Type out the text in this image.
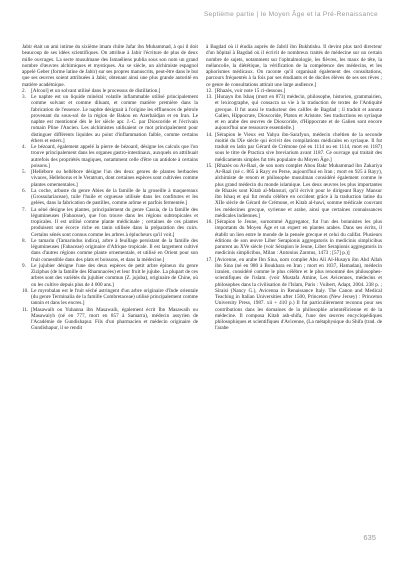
Septième partie | le Moyen Âge et la Pré-Renaissance

Jabir était un ami intime du sixième imam chiite Jafar ibn Muhammad, à qui il doit beaucoup de ses idées scientifiques. On attribue à Jabir l'écriture de plus de deux mille ouvrages. La secte musulmane des Ismaéliens publia sous son nom un grand nombre d'œuvres alchimiques et mystiques. Au xe siècle, un alchimiste espagnol appelé Geber (forme latine de Jabir) sur ses propres manuscrits, peut-être dans le but que ses œuvres soient attribuées à Jabir, obtenant ainsi une plus grande autorité en matière académique.

2. [Alcool] et un solvant utilisé dans le processus de distillation.]
3. Le naphte est un liquide minéral volatile inflammable utilisé principalement comme solvant et comme diluant, et comme matière première dans la fabrication de l'essence. Le naphte désignait à l'origine les effluences de pétrole provenant du sous-sol de la région de Bakou en Azerbaïdjan et en Iran. Le naphte est mentionné dès le Ier siècle apr. J.-C. par Dioscoride et l'écrivain romain Pline l'Ancien. Les alchimistes utilisaient ce mot principalement pour distinguer différents liquides au point d'inflammation faible, comme certains éthers et esters.]
4. Le bézoard, également appelé la pierre de bézoard, désigne les calculs que l'on trouve principalement dans les organes gastro-intestinaux, auxquels on attribuait autrefois des propriétés magiques, notamment celle d'être un antidote à certains poisons.]
5. [Hellébore ou hellébore désigne l'un des deux genres de plantes herbacées vivaces, Helleborus et le Veratrum, dont certaines espèces sont cultivées comme plantes ornementales.]
6. La coche, arbuste du genre Abies de la famille de la groseille à maquereaux (Grossulariaceae), tuile l'huile et orgueuse utilisée dans les confitures et les gelées, dans la fabrication de pastilles, comme arôme et parfois fermentée.]
7. La séné désigne les plantes, principalement du genre Cassia, de la famille des légumineuses (Fabaceae), que l'on trouve dans les régions subtropicales et tropicales. Il est utilisé comme plante médicinale ; certaines de ces plantes produisent une écorce riche en tanin utilisée dans la préparation des cuirs. Certains sénés sont connus comme les arbres à éplucheurs qu'il voit.]
8. Le tamarin (Tamarindus indica), arbre à feuillage persistant de la famille des légumineuses (Fabaceae) originaire d'Afrique tropicale. Il est largement cultivé dans d'autres régions comme plante ornementale, et utilisé en Orient pour son fruit comestible dans des plats et boissons, et dans la médecine.]
9. Le jujubier désigne l'une des deux espèces de petit arbre épineux du genre Ziziphus (de la famille des Rhamnacées) et leur fruit le jujube. La plupart de ces arbres sont des variétés du jujubier commun (Z. jujuba), originaire de Chine, où on les cultive depuis plus de 4 000 ans.]
10. Le myrobalan est le fruit séché astringent d'un arbre originaire d'Inde orientale (du genre Terminalia de la famille Combretaceae) utilisé principalement comme tannin et dans les encres.]
11. [Masawaih ou Yuhanna ibn Masawaih, également écrit Ibn Masawaih ou Masawaiyh (né en 777, mort en 857 à Samarra), médecin assyrien de l'Académie de Gundishapur. Fils d'un pharmacien et médecin originaire de Gundishapur, il se rendit

à Bagdad où il étudia auprès de Jabril ibn Bukhtishu. Il devint plus tard directeur d'un hôpital à Bagdad où il écrivit de nombreux traités de médecine sur un certain nombre de sujets, notamment sur l'ophtalmologie, les fièvres, les maux de tête, la mélancolie, la diététique, la vérification de la compétence des médecins, et les aphorismes médicaux. On raconte qu'il organisait également des consultations, parcours fréquentés à la fois par ses étudiants et de dociles élèves de ses ses rêves ; ce genre de consultations attirait une large audience.]

12. [Rhazès, voir note 15 ci-dessous.]
13. [Hunayn ibn Ishaq (mort en 873) médecin, philosophe, historien, grammairien, et lexicographe, qui consacra sa vie à la traduction de textes de l'Antiquité grecque. Il fut aussi le traducteur des califes de Bagdad ; il traduit et annota Galien, Hippocrate, Dioscoride, Platon et Aristote. Ses traductions en syriaque et en arabe des œuvres de Dioscoride, d'Hippocrate et de Galien sont encore aujourd'hui une ressource essentielle.]
14. [Sérapion le Vieux est Yahya ibn-Sarafyun, médecin chrétien de la seconde moitié du IXe siècle qui écrivit des compilations médicales en syriaque. Il fut traduit en latin par Gérard de Crémone (né en 1114 ou en 1114, mort en 1187) sous le titre de Practica sive breviarium avant 1187. Ce ouvrage qui traitait des médicaments simples fut très populaire du Moyen Âge.]
15. [Rhazès ou Ar-Razi, de son nom complet Abou Bakr Muhammad ibn Zakariya Ar-Razi (né c. 865 à Rayy en Perse, aujourd'hui en Iran ; mort en 925 à Rayy), alchimiste de renom et philosophe musulman considéré également comme le plus grand médecin du monde islamique. Les deux œuvres les plus importantes de Rhazès sont Kitab al-Mansuri, qu'il écrivit pour le dirigeant Rayy Mansur ibn Ishaq et qui fut rendu célèbre en occident grâce à la traduction latine du XIIe siècle de Gérard de Crémone, et Kitab al-hawi, somme médicale couvrant les médecines grecque, syrienne et arabe, ainsi que certaines connaissances médicales indiennes.]
16. [Sérapion le Jeune, surnommé Aggregator, fut l'un des botanistes les plus importants du Moyen Âge et un expert en plantes arabes. Dans ses écrits, il établit un lien entre le monde de la pensée grecque et celui du califat. Plusieurs éditions de son œuvre Liber Serapionis aggregatoris in medicinis simplicibus parurent au XVe siècle (voir Sérapion le Jeune, Liber Serapionis aggregatoris in medicinis simplicibus, Milan : Antonius Zarotus, 1473 ; [57] p.)]
17. [Avicenne, en arabe Ibn Sina, nom complet Abu Ali Al-Husayn ibn Abd Allah ibn Sina (né en 980 à Boukhara en Iran ; mort en 1037, Hamadan), médecin iranien, considéré comme le plus célèbre et le plus renommé des philosophes-scientifiques de l'islam. (voir Mustafa Amine, Les Avicennes, médecins et philosophes dans la civilisation de l'Islam, Paris : Vuibert, Adapt, 2004. 238 p. ; Siraisi (Nancy G.), Avicenna in Renaissance Italy. The Canon and Medical Teaching in Italian Universities after 1500, Princeton (New Jersey) : Princeton University Press, 1987. xii + 410 p.) Il fut particulièrement reconnu pour ses contributions dans les domaines de la philosophie aristotélicienne et de la médecine. Il composa Kitab ash-shifa, l'une des œuvres encyclopédiques philosophiques et scientifiques d'Avicenne, (La métaphysique du Shifa (trad. de l'arabe
635
